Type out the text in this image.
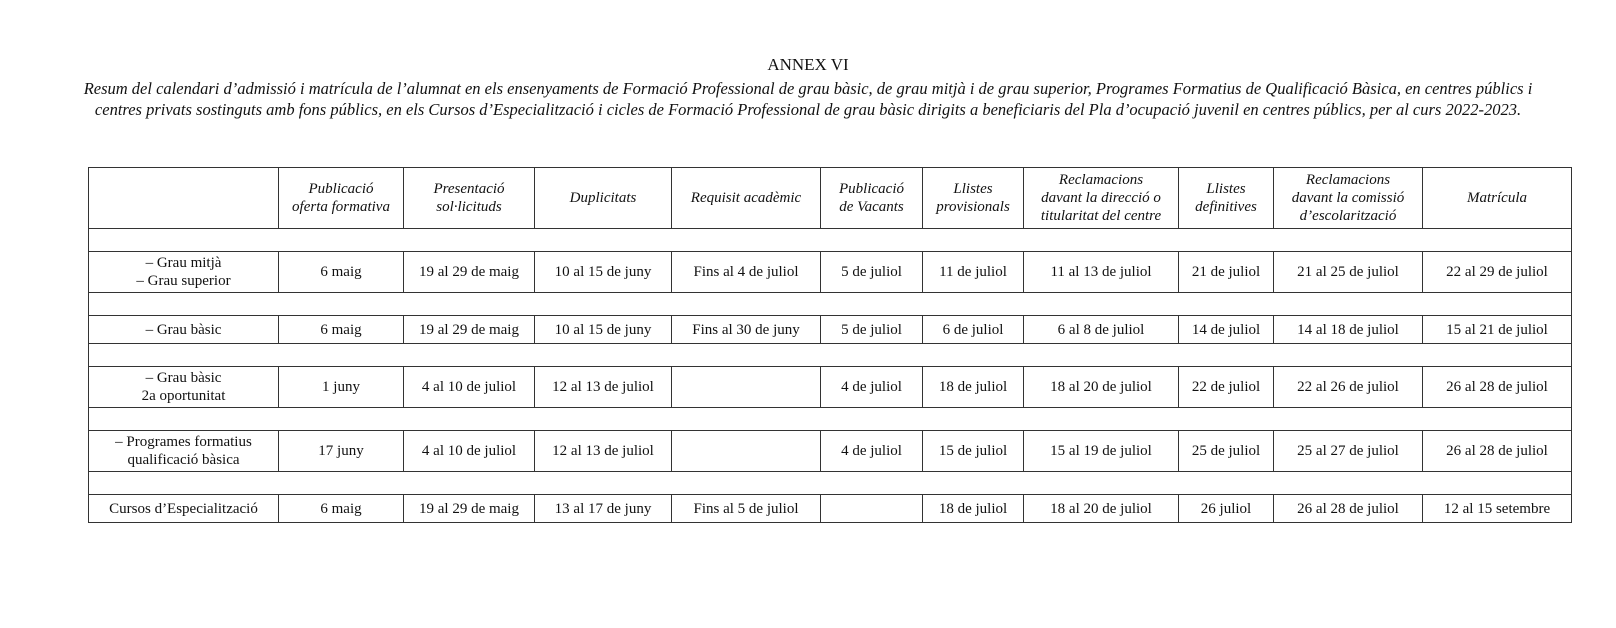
ANNEX VI
Resum del calendari d’admissió i matrícula de l’alumnat en els ensenyaments de Formació Professional de grau bàsic, de grau mitjà i de grau superior, Programes Formatius de Qualificació Bàsica, en centres públics i centres privats sostinguts amb fons públics, en els Cursos d’Especialització i cicles de Formació Professional de grau bàsic dirigits a beneficiaris del Pla d’ocupació juvenil en centres públics, per al curs 2022-2023.
	Publicació
oferta formativa	Presentació
sol·licituds	Duplicitats	Requisit acadèmic	Publicació
de Vacants	Llistes
provisionals	Reclamacions
davant la direcció o
titularitat del centre	Llistes
definitives	Reclamacions
davant la comissió
d’escolarització	Matrícula

– Grau mitjà
– Grau superior	6 maig	19 al 29 de maig	10 al 15 de juny	Fins al 4 de juliol	5 de juliol	11 de juliol	11 al 13 de juliol	21 de juliol	21 al 25 de juliol	22 al 29 de juliol

– Grau bàsic	6 maig	19 al 29 de maig	10 al 15 de juny	Fins al 30 de juny	5 de juliol	6 de juliol	6 al 8 de juliol	14 de juliol	14 al 18 de juliol	15 al 21 de juliol

– Grau bàsic
2a oportunitat	1 juny	4 al 10 de juliol	12 al 13 de juliol		4 de juliol	18 de juliol	18 al 20 de juliol	22 de juliol	22 al 26 de juliol	26 al 28 de juliol

– Programes formatius
qualificació bàsica	17 juny	4 al 10 de juliol	12 al 13 de juliol		4 de juliol	15 de juliol	15 al 19 de juliol	25 de juliol	25 al 27 de juliol	26 al 28 de juliol

Cursos d’Especialització	6 maig	19 al 29 de maig	13 al 17 de juny	Fins al 5 de juliol		18 de juliol	18 al 20 de juliol	26 juliol	26 al 28 de juliol	12 al 15 setembre
